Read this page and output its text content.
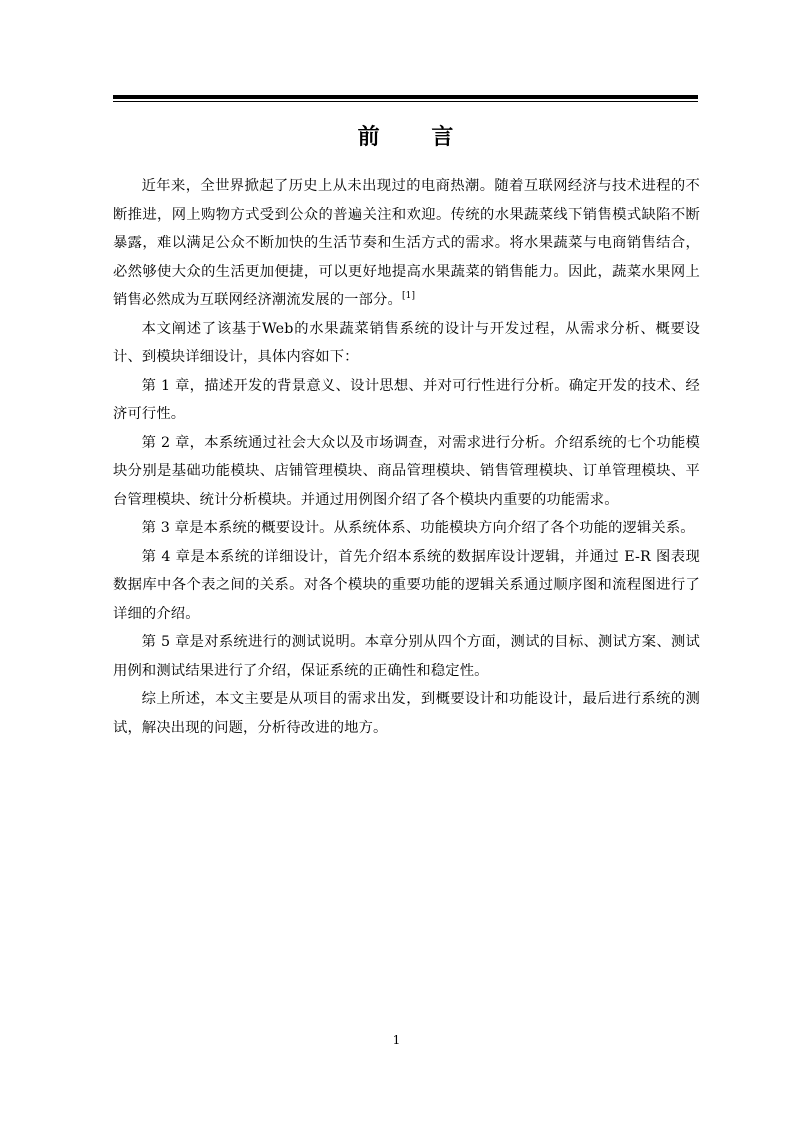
前 言

近年来，全世界掀起了历史上从未出现过的电商热潮。随着互联网经济与技术进程的不断推进，网上购物方式受到公众的普遍关注和欢迎。传统的水果蔬菜线下销售模式缺陷不断暴露，难以满足公众不断加快的生活节奏和生活方式的需求。将水果蔬菜与电商销售结合，必然够使大众的生活更加便捷，可以更好地提高水果蔬菜的销售能力。因此，蔬菜水果网上销售必然成为互联网经济潮流发展的一部分。[1]

本文阐述了该基于Web的水果蔬菜销售系统的设计与开发过程，从需求分析、概要设计、到模块详细设计，具体内容如下：

第 1 章，描述开发的背景意义、设计思想、并对可行性进行分析。确定开发的技术、经济可行性。

第 2 章，本系统通过社会大众以及市场调查，对需求进行分析。介绍系统的七个功能模块分别是基础功能模块、店铺管理模块、商品管理模块、销售管理模块、订单管理模块、平台管理模块、统计分析模块。并通过用例图介绍了各个模块内重要的功能需求。

第 3 章是本系统的概要设计。从系统体系、功能模块方向介绍了各个功能的逻辑关系。

第 4 章是本系统的详细设计，首先介绍本系统的数据库设计逻辑，并通过 E-R 图表现数据库中各个表之间的关系。对各个模块的重要功能的逻辑关系通过顺序图和流程图进行了详细的介绍。

第 5 章是对系统进行的测试说明。本章分别从四个方面，测试的目标、测试方案、测试用例和测试结果进行了介绍，保证系统的正确性和稳定性。

综上所述，本文主要是从项目的需求出发，到概要设计和功能设计，最后进行系统的测试，解决出现的问题，分析待改进的地方。

1
